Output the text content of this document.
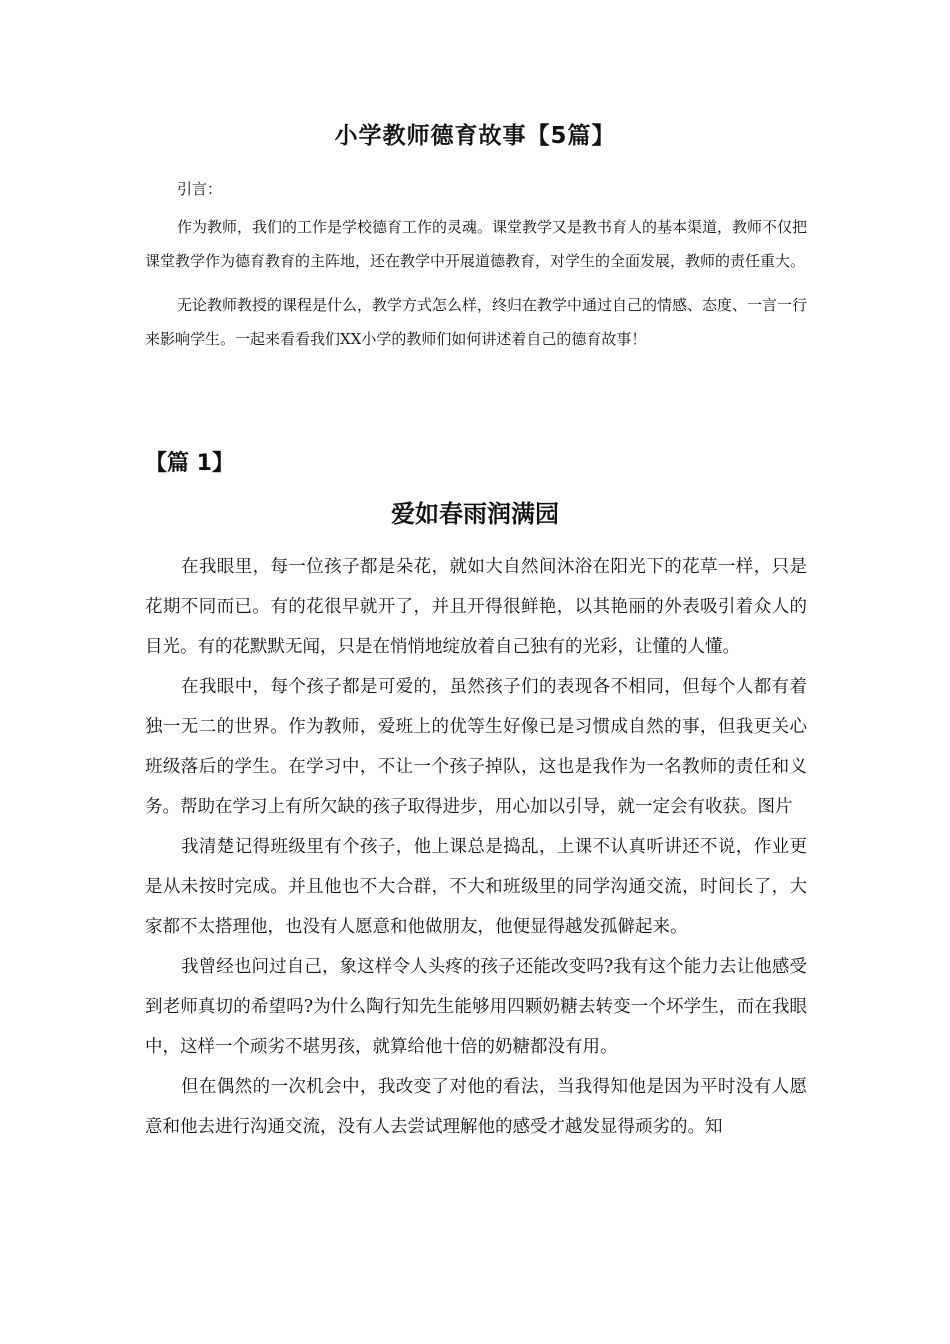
小学教师德育故事【5篇】

引言：

作为教师，我们的工作是学校德育工作的灵魂。课堂教学又是教书育人的基本渠道，教师不仅把课堂教学作为德育教育的主阵地，还在教学中开展道德教育，对学生的全面发展，教师的责任重大。

无论教师教授的课程是什么，教学方式怎么样，终归在教学中通过自己的情感、态度、一言一行来影响学生。一起来看看我们XX小学的教师们如何讲述着自己的德育故事！

【篇 1】
爱如春雨润满园

在我眼里，每一位孩子都是朵花，就如大自然间沐浴在阳光下的花草一样，只是花期不同而已。有的花很早就开了，并且开得很鲜艳，以其艳丽的外表吸引着众人的目光。有的花默默无闻，只是在悄悄地绽放着自己独有的光彩，让懂的人懂。

在我眼中，每个孩子都是可爱的，虽然孩子们的表现各不相同，但每个人都有着独一无二的世界。作为教师，爱班上的优等生好像已是习惯成自然的事，但我更关心班级落后的学生。在学习中，不让一个孩子掉队，这也是我作为一名教师的责任和义务。帮助在学习上有所欠缺的孩子取得进步，用心加以引导，就一定会有收获。图片

我清楚记得班级里有个孩子，他上课总是捣乱，上课不认真听讲还不说，作业更是从未按时完成。并且他也不大合群，不大和班级里的同学沟通交流，时间长了，大家都不太搭理他，也没有人愿意和他做朋友，他便显得越发孤僻起来。

我曾经也问过自己，象这样令人头疼的孩子还能改变吗?我有这个能力去让他感受到老师真切的希望吗?为什么陶行知先生能够用四颗奶糖去转变一个坏学生，而在我眼中，这样一个顽劣不堪男孩，就算给他十倍的奶糖都没有用。

但在偶然的一次机会中，我改变了对他的看法，当我得知他是因为平时没有人愿意和他去进行沟通交流，没有人去尝试理解他的感受才越发显得顽劣的。知
